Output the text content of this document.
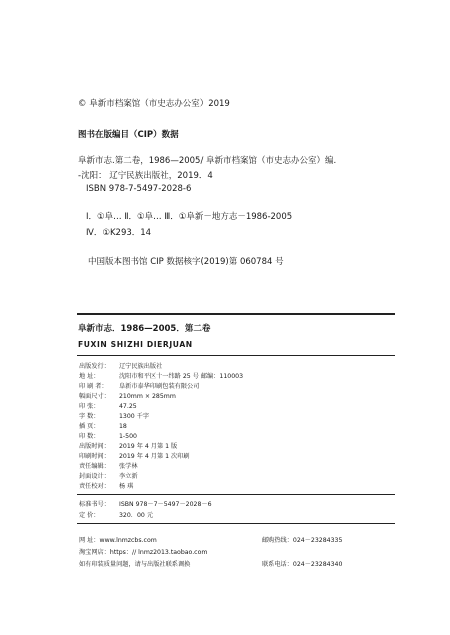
© 阜新市档案馆（市史志办公室）2019
图书在版编目（CIP）数据
阜新市志.第二卷，1986—2005/ 阜新市档案馆（市史志办公室）编.
-沈阳： 辽宁民族出版社，2019．4
ISBN 978-7-5497-2028-6
Ⅰ．①阜… Ⅱ．①阜… Ⅲ．①阜新－地方志－1986-2005
Ⅳ．①K293．14
中国版本图书馆 CIP 数据核字(2019)第 060784 号
阜新市志．1986—2005．第二卷
FUXIN SHIZHI DIERJUAN
出版发行： 辽宁民族出版社
地 址：	沈阳市和平区十一纬路 25 号 邮编：110003
印 刷 者： 阜新市泰华印刷包装有限公司
幅面尺寸： 210mm × 285mm
印 张：	47.25
字 数：	1300 千字
插 页：	18
印 数：	1-500
出版时间： 2019 年 4 月第 1 版
印刷时间： 2019 年 4 月第 1 次印刷
责任编辑： 张学林
封面设计： 李立新
责任校对： 杨 琪
标准书号： ISBN 978－7－5497－2028－6
定 价：	320．00 元
网 址：www.lnmzcbs.com	邮购热线：024－23284335
淘宝网店：https：// lnmz2013.taobao.com
如有印装质量问题，请与出版社联系调换	联系电话：024－23284340
